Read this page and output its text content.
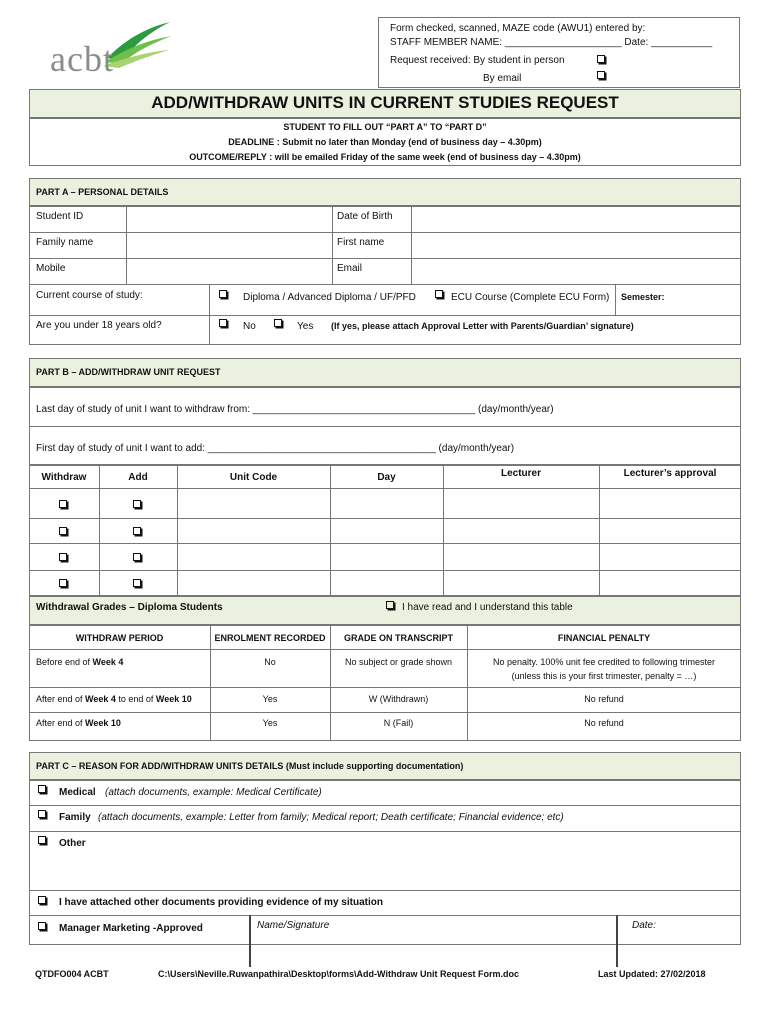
acbt
Form checked, scanned, MAZE code (AWU1) entered by:
STAFF MEMBER NAME: _____________________ Date: ___________
Request received: By student in person
By email
ADD/WITHDRAW UNITS IN CURRENT STUDIES REQUEST
STUDENT TO FILL OUT “PART A” TO “PART D”
DEADLINE : Submit no later than Monday (end of business day – 4.30pm)
OUTCOME/REPLY : will be emailed Friday of the same week (end of business day – 4.30pm)
PART A – PERSONAL DETAILS
Student ID	Date of Birth
Family name	First name
Mobile	Email
Current course of study:	Diploma / Advanced Diploma / UF/PFD	ECU Course (Complete ECU Form) Semester:
Are you under 18 years old?	No	Yes (If yes, please attach Approval Letter with Parents/Guardian’ signature)
PART B – ADD/WITHDRAW UNIT REQUEST
Last day of study of unit I want to withdraw from: ________________________________________ (day/month/year)
First day of study of unit I want to add: _________________________________________ (day/month/year)
Withdraw	Add	Unit Code	Day	Lecturer	Lecturer’s approval
Withdrawal Grades – Diploma Students	I have read and I understand this table
WITHDRAW PERIOD	ENROLMENT RECORDED	GRADE ON TRANSCRIPT	FINANCIAL PENALTY
Before end of Week 4	No	No subject or grade shown	No penalty. 100% unit fee credited to following trimester
(unless this is your first trimester, penalty = …)
After end of Week 4 to end of Week 10	Yes	W (Withdrawn)	No refund
After end of Week 10	Yes	N (Fail)	No refund
PART C – REASON FOR ADD/WITHDRAW UNITS DETAILS (Must include supporting documentation)
Medical (attach documents, example: Medical Certificate)
Family (attach documents, example: Letter from family; Medical report; Death certificate; Financial evidence; etc)
Other
I have attached other documents providing evidence of my situation
Manager Marketing -Approved	Name/Signature	Date:
QTDFO004 ACBT	C:\Users\Neville.Ruwanpathira\Desktop\forms\Add-Withdraw Unit Request Form.doc	Last Updated: 27/02/2018
